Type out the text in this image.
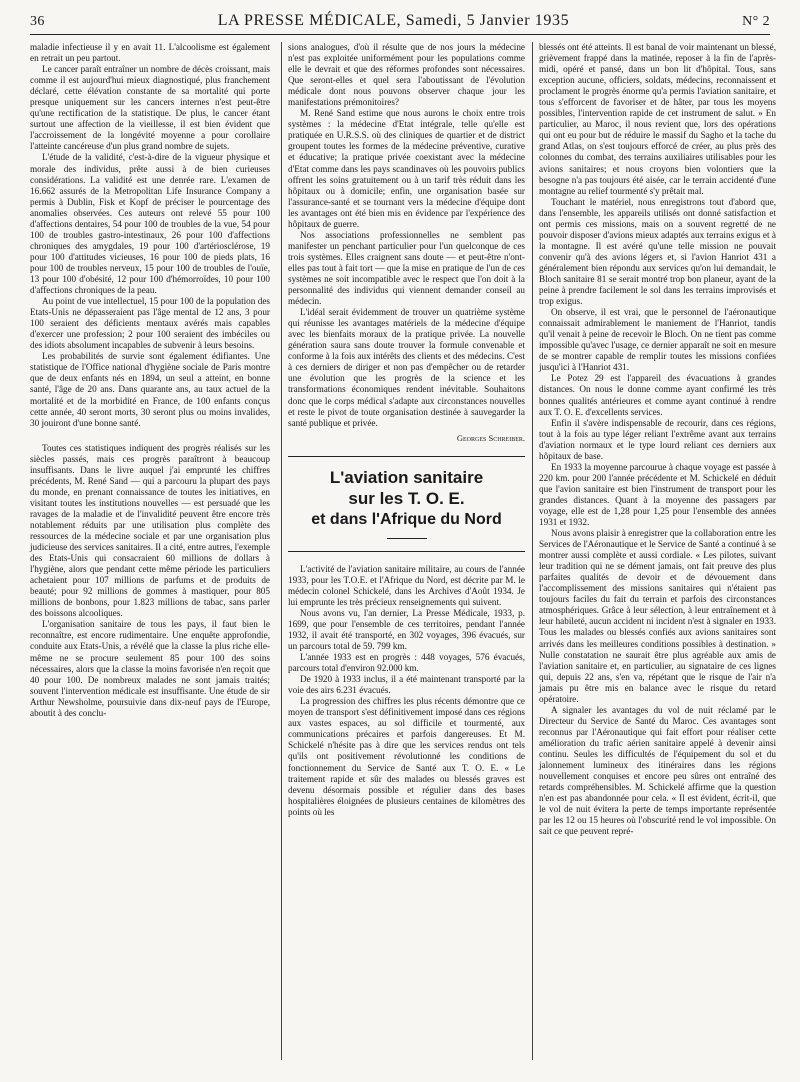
36	LA PRESSE MÉDICALE, Samedi, 5 Janvier 1935	N° 2

maladie infectieuse il y en avait 11. L'alcoolisme est également en retrait un peu partout.

Le cancer paraît entraîner un nombre de décès croissant, mais comme il est aujourd'hui mieux diagnostiqué, plus franchement déclaré, cette élévation constante de sa mortalité qui porte presque uniquement sur les cancers internes n'est peut-être qu'une rectification de la statistique. De plus, le cancer étant surtout une affection de la vieillesse, il est bien évident que l'accroissement de la longévité moyenne a pour corollaire l'atteinte cancéreuse d'un plus grand nombre de sujets.

L'étude de la validité, c'est-à-dire de la vigueur physique et morale des individus, prête aussi à de bien curieuses considérations. La validité est une denrée rare. L'examen de 16.662 assurés de la Metropolitan Life Insurance Company a permis à Dublin, Fisk et Kopf de préciser le pourcentage des anomalies observées. Ces auteurs ont relevé 55 pour 100 d'affections dentaires, 54 pour 100 de troubles de la vue, 54 pour 100 de troubles gastro-intestinaux, 26 pour 100 d'affections chroniques des amygdales, 19 pour 100 d'artériosclérose, 19 pour 100 d'attitudes vicieuses, 16 pour 100 de pieds plats, 16 pour 100 de troubles nerveux, 15 pour 100 de troubles de l'ouïe, 13 pour 100 d'obésité, 12 pour 100 d'hémorroïdes, 10 pour 100 d'affections chroniques de la peau.

Au point de vue intellectuel, 15 pour 100 de la population des Etats-Unis ne dépasseraient pas l'âge mental de 12 ans, 3 pour 100 seraient des déficients mentaux avérés mais capables d'exercer une profession; 2 pour 100 seraient des imbéciles ou des idiots absolument incapables de subvenir à leurs besoins.

Les probabilités de survie sont également édifiantes. Une statistique de l'Office national d'hygiène sociale de Paris montre que de deux enfants nés en 1894, un seul a atteint, en bonne santé, l'âge de 20 ans. Dans quarante ans, au taux actuel de la mortalité et de la morbidité en France, de 100 enfants conçus cette année, 40 seront morts, 30 seront plus ou moins invalides, 30 jouiront d'une bonne santé.

Toutes ces statistiques indiquent des progrès réalisés sur les siècles passés, mais ces progrès paraîtront à beaucoup insuffisants. Dans le livre auquel j'ai emprunté les chiffres précédents, M. René Sand — qui a parcouru la plupart des pays du monde, en prenant connaissance de toutes les initiatives, en visitant toutes les institutions nouvelles — est persuadé que les ravages de la maladie et de l'invalidité peuvent être encore très notablement réduits par une utilisation plus complète des ressources de la médecine sociale et par une organisation plus judicieuse des services sanitaires. Il a cité, entre autres, l'exemple des Etats-Unis qui consacraient 60 millions de dollars à l'hygiène, alors que pendant cette même période les particuliers achetaient pour 107 millions de parfums et de produits de beauté; pour 92 millions de gommes à mastiquer, pour 805 millions de bonbons, pour 1.823 millions de tabac, sans parler des boissons alcooliques.

L'organisation sanitaire de tous les pays, il faut bien le reconnaître, est encore rudimentaire. Une enquête approfondie, conduite aux Etats-Unis, a révélé que la classe la plus riche elle-même ne se procure seulement 85 pour 100 des soins nécessaires, alors que la classe la moins favorisée n'en reçoit que 40 pour 100. De nombreux malades ne sont jamais traités; souvent l'intervention médicale est insuffisante. Une étude de sir Arthur Newsholme, poursuivie dans dix-neuf pays de l'Europe, aboutit à des conclu-

sions analogues, d'où il résulte que de nos jours la médecine n'est pas exploitée uniformément pour les populations comme elle le devrait et que des réformes profondes sont nécessaires. Que seront-elles et quel sera l'aboutissant de l'évolution médicale dont nous pouvons observer chaque jour les manifestations prémonitoires?

M. René Sand estime que nous aurons le choix entre trois systèmes : la médecine d'Etat intégrale, telle qu'elle est pratiquée en U.R.S.S. où des cliniques de quartier et de district groupent toutes les formes de la médecine préventive, curative et éducative; la pratique privée coexistant avec la médecine d'Etat comme dans les pays scandinaves où les pouvoirs publics offrent les soins gratuitement ou à un tarif très réduit dans les hôpitaux ou à domicile; enfin, une organisation basée sur l'assurance-santé et se tournant vers la médecine d'équipe dont les avantages ont été bien mis en évidence par l'expérience des hôpitaux de guerre.

Nos associations professionnelles ne semblent pas manifester un penchant particulier pour l'un quelconque de ces trois systèmes. Elles craignent sans doute — et peut-être n'ont-elles pas tout à fait tort — que la mise en pratique de l'un de ces systèmes ne soit incompatible avec le respect que l'on doit à la personnalité des individus qui viennent demander conseil au médecin.

L'idéal serait évidemment de trouver un quatrième système qui réunisse les avantages matériels de la médecine d'équipe avec les bienfaits moraux de la pratique privée. La nouvelle génération saura sans doute trouver la formule convenable et conforme à la fois aux intérêts des clients et des médecins. C'est à ces derniers de diriger et non pas d'empêcher ou de retarder une évolution que les progrès de la science et les transformations économiques rendent inévitable. Souhaitons donc que le corps médical s'adapte aux circonstances nouvelles et reste le pivot de toute organisation destinée à sauvegarder la santé publique et privée.

Georges Schreiber.

L'aviation sanitaire
sur les T. O. E.
et dans l'Afrique du Nord

L'activité de l'aviation sanitaire militaire, au cours de l'année 1933, pour les T.O.E. et l'Afrique du Nord, est décrite par M. le médecin colonel Schickelé, dans les Archives d'Août 1934. Je lui emprunte les très précieux renseignements qui suivent.

Nous avons vu, l'an dernier, La Presse Médicale, 1933, p. 1699, que pour l'ensemble de ces territoires, pendant l'année 1932, il avait été transporté, en 302 voyages, 396 évacués, sur un parcours total de 59. 799 km.

L'année 1933 est en progrès : 448 voyages, 576 évacués, parcours total d'environ 92.000 km.

De 1920 à 1933 inclus, il a été maintenant transporté par la voie des airs 6.231 évacués.

La progression des chiffres les plus récents démontre que ce moyen de transport s'est définitivement imposé dans ces régions aux vastes espaces, au sol difficile et tourmenté, aux communications précaires et parfois dangereuses. Et M. Schickelé n'hésite pas à dire que les services rendus ont tels qu'ils ont positivement révolutionné les conditions de fonctionnement du Service de Santé aux T. O. E. « Le traitement rapide et sûr des malades ou blessés graves est devenu désormais possible et régulier dans des bases hospitalières éloignées de plusieurs centaines de kilomètres des points où les

blessés ont été atteints. Il est banal de voir maintenant un blessé, grièvement frappé dans la matinée, reposer à la fin de l'après-midi, opéré et pansé, dans un bon lit d'hôpital. Tous, sans exception aucune, officiers, soldats, médecins, reconnaissent et proclament le progrès énorme qu'a permis l'aviation sanitaire, et tous s'efforcent de favoriser et de hâter, par tous les moyens possibles, l'intervention rapide de cet instrument de salut. » En particulier, au Maroc, il nous revient que, lors des opérations qui ont eu pour but de réduire le massif du Sagho et la tache du grand Atlas, on s'est toujours efforcé de créer, au plus près des colonnes du combat, des terrains auxiliaires utilisables pour les avions sanitaires; et nous croyons bien volontiers que la besogne n'a pas toujours été aisée, car le terrain accidenté d'une montagne au relief tourmenté s'y prêtait mal.

Touchant le matériel, nous enregistrons tout d'abord que, dans l'ensemble, les appareils utilisés ont donné satisfaction et ont permis ces missions, mais on a souvent regretté de ne pouvoir disposer d'avions mieux adaptés aux terrains exigus et à la montagne. Il est avéré qu'une telle mission ne pouvait convenir qu'à des avions légers et, si l'avion Hanriot 431 a généralement bien répondu aux services qu'on lui demandait, le Bloch sanitaire 81 se serait montré trop bon planeur, ayant de la peine à prendre facilement le sol dans les terrains improvisés et trop exigus.

On observe, il est vrai, que le personnel de l'aéronautique connaissait admirablement le maniement de l'Hanriot, tandis qu'il venait à peine de recevoir le Bloch. On ne tient pas comme impossible qu'avec l'usage, ce dernier apparaît ne soit en mesure de se montrer capable de remplir toutes les missions confiées jusqu'ici à l'Hanriot 431.

Le Potez 29 est l'appareil des évacuations à grandes distances. On nous le donne comme ayant confirmé les très bonnes qualités antérieures et comme ayant continué à rendre aux T. O. E. d'excellents services.

Enfin il s'avère indispensable de recourir, dans ces régions, tout à la fois au type léger reliant l'extrême avant aux terrains d'aviation normaux et le type lourd reliant ces derniers aux hôpitaux de base.

En 1933 la moyenne parcourue à chaque voyage est passée à 220 km. pour 200 l'année précédente et M. Schickelé en déduit que l'avion sanitaire est bien l'instrument de transport pour les grandes distances. Quant à la moyenne des passagers par voyage, elle est de 1,28 pour 1,25 pour l'ensemble des années 1931 et 1932.

Nous avons plaisir à enregistrer que la collaboration entre les Services de l'Aéronautique et le Service de Santé a continué à se montrer aussi complète et aussi cordiale. « Les pilotes, suivant leur tradition qui ne se dément jamais, ont fait preuve des plus parfaites qualités de devoir et de dévouement dans l'accomplissement des missions sanitaires qui n'étaient pas toujours faciles du fait du terrain et parfois des circonstances atmosphériques. Grâce à leur sélection, à leur entraînement et à leur habileté, aucun accident ni incident n'est à signaler en 1933. Tous les malades ou blessés confiés aux avions sanitaires sont arrivés dans les meilleures conditions possibles à destination. » Nulle constatation ne saurait être plus agréable aux amis de l'aviation sanitaire et, en particulier, au signataire de ces lignes qui, depuis 22 ans, s'en va, répétant que le risque de l'air n'a jamais pu être mis en balance avec le risque du retard opératoire.

A signaler les avantages du vol de nuit réclamé par le Directeur du Service de Santé du Maroc. Ces avantages sont reconnus par l'Aéronautique qui fait effort pour réaliser cette amélioration du trafic aérien sanitaire appelé à devenir ainsi continu. Seules les difficultés de l'équipement du sol et du jalonnement lumineux des itinéraires dans les régions nouvellement conquises et encore peu sûres ont entraîné des retards compréhensibles. M. Schickelé affirme que la question n'en est pas abandonnée pour cela. « Il est évident, écrit-il, que le vol de nuit évitera la perte de temps importante représentée par les 12 ou 15 heures où l'obscurité rend le vol impossible. On sait ce que peuvent repré-
